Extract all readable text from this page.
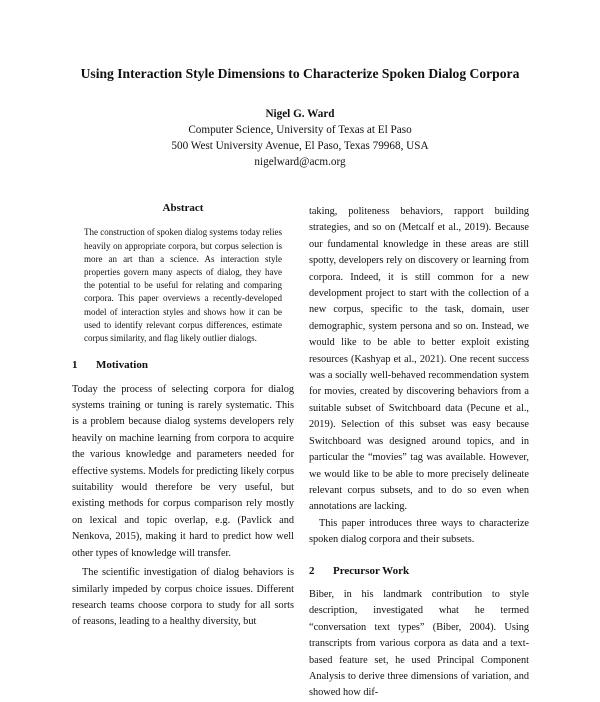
Using Interaction Style Dimensions to Characterize Spoken Dialog Corpora
Nigel G. Ward
Computer Science, University of Texas at El Paso
500 West University Avenue, El Paso, Texas 79968, USA
nigelward@acm.org
Abstract

The construction of spoken dialog systems today relies heavily on appropriate corpora, but corpus selection is more an art than a science. As interaction style properties govern many aspects of dialog, they have the potential to be useful for relating and comparing corpora. This paper overviews a recently-developed model of interaction styles and shows how it can be used to identify relevant corpus differences, estimate corpus similarity, and flag likely outlier dialogs.

1 Motivation

Today the process of selecting corpora for dialog systems training or tuning is rarely systematic. This is a problem because dialog systems developers rely heavily on machine learning from corpora to acquire the various knowledge and parameters needed for effective systems. Models for predicting likely corpus suitability would therefore be very useful, but existing methods for corpus comparison rely mostly on lexical and topic overlap, e.g. (Pavlick and Nenkova, 2015), making it hard to predict how well other types of knowledge will transfer.

The scientific investigation of dialog behaviors is similarly impeded by corpus choice issues. Different research teams choose corpora to study for all sorts of reasons, leading to a healthy diversity, but

taking, politeness behaviors, rapport building strategies, and so on (Metcalf et al., 2019). Because our fundamental knowledge in these areas are still spotty, developers rely on discovery or learning from corpora. Indeed, it is still common for a new development project to start with the collection of a new corpus, specific to the task, domain, user demographic, system persona and so on. Instead, we would like to be able to better exploit existing resources (Kashyap et al., 2021). One recent success was a socially well-behaved recommendation system for movies, created by discovering behaviors from a suitable subset of Switchboard data (Pecune et al., 2019). Selection of this subset was easy because Switchboard was designed around topics, and in particular the “movies” tag was available. However, we would like to be able to more precisely delineate relevant corpus subsets, and to do so even when annotations are lacking.

This paper introduces three ways to characterize spoken dialog corpora and their subsets.

2 Precursor Work

Biber, in his landmark contribution to style description, investigated what he termed “conversation text types” (Biber, 2004). Using transcripts from various corpora as data and a text-based feature set, he used Principal Component Analysis to derive three dimensions of variation, and showed how dif-
